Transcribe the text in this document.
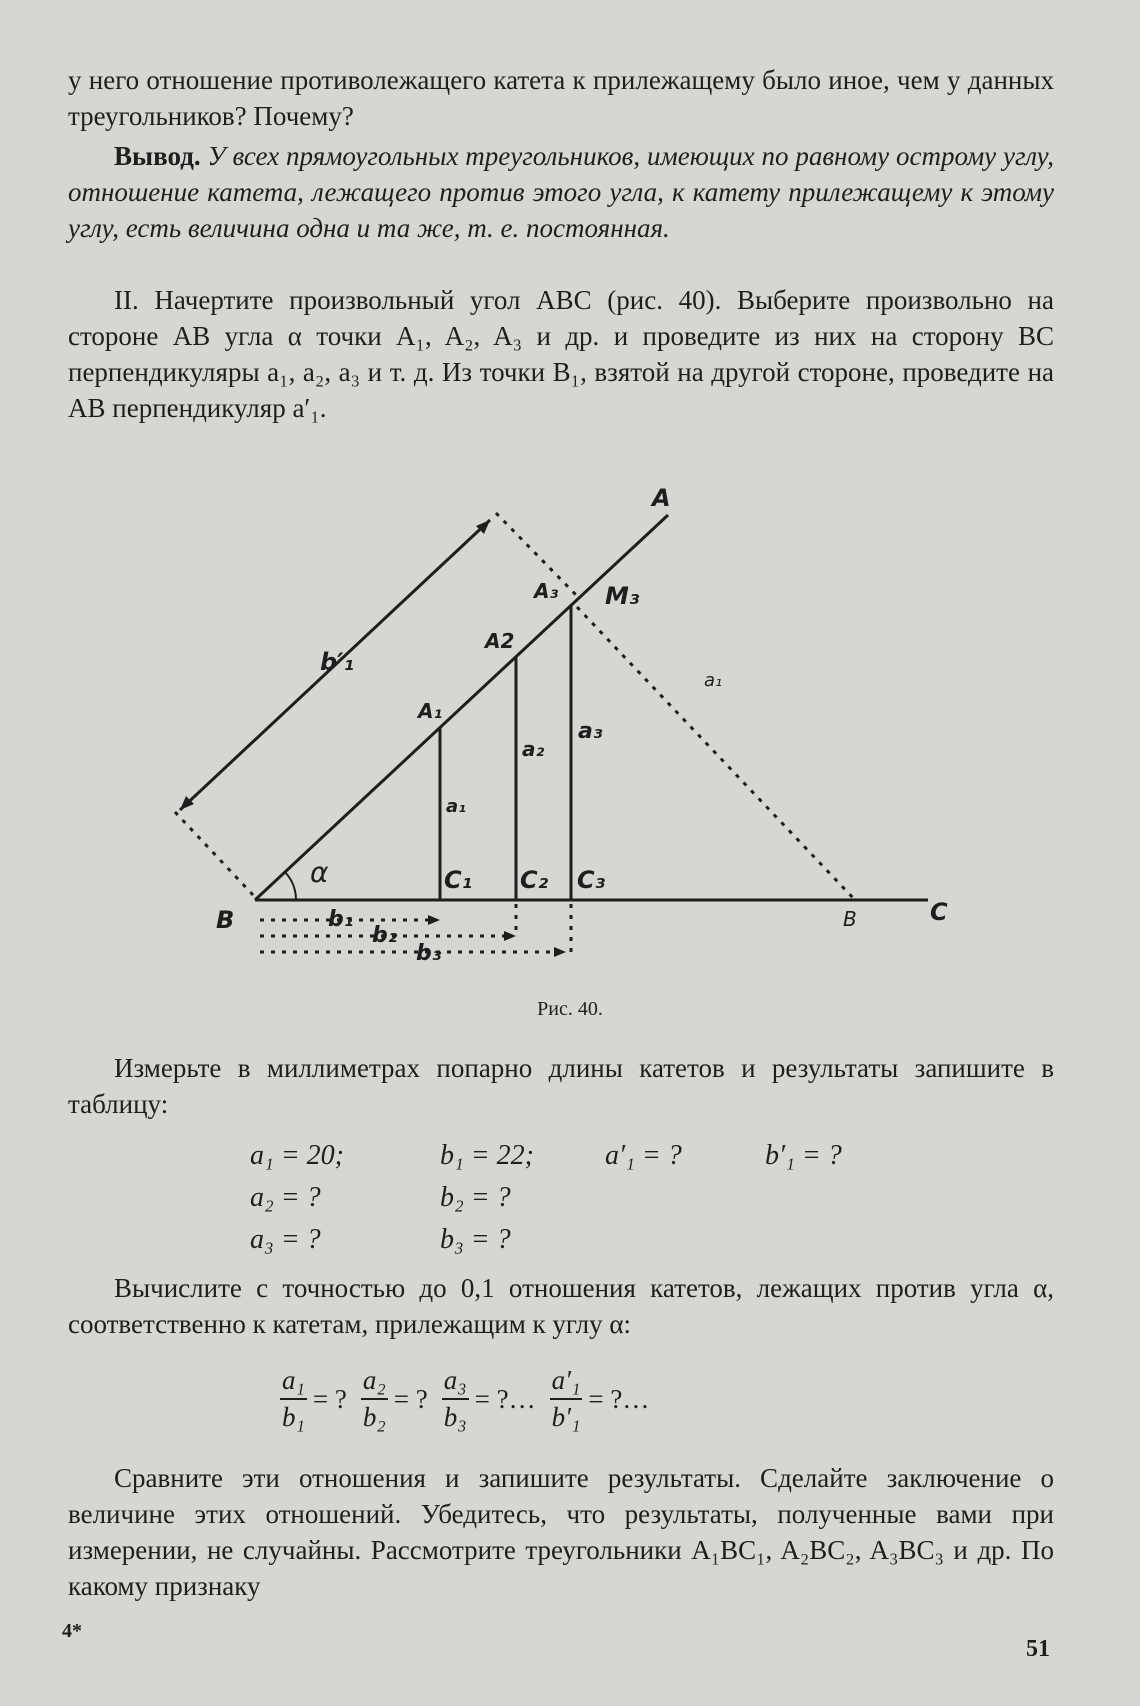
у него отношение противолежащего катета к прилежащему было иное, чем у данных треугольников? Почему?

Вывод. У всех прямоугольных треугольников, имеющих по равному острому углу, отношение катета, лежащего против этого угла, к катету прилежащему к этому углу, есть величина одна и та же, т. е. постоянная.

II. Начертите произвольный угол ABC (рис. 40). Выберите произвольно на стороне AB угла α точки A₁, A₂, A₃ и др. и проведите из них на сторону BC перпендикуляры a₁, a₂, a₃ и т. д. Из точки B₁, взятой на другой стороне, проведите на AB перпендикуляр a′₁.

A
B	C
B
A₁
A2
A₃ M₃
C₁ C₂ C₃
a₁
a₂
a₃
a₁
b′₁
α
b₁
b₂
b₃
Рис. 40.

Измерьте в миллиметрах попарно длины катетов и результаты запишите в таблицу:

a₁ = 20;	b₁ = 22;	a′₁ = ?	b′₁ = ?
a₂ = ?	b₂ = ?
a₃ = ?	b₃ = ?

Вычислите с точностью до 0,1 отношения катетов, лежащих против угла α, соответственно к катетам, прилежащим к углу α:

$\frac{\text{a₁}}{\text{b₁}}$ = ? $\frac{\text{a₂}}{\text{b₂}}$ = ? $\frac{\text{a₃}}{\text{b₃}}$ = ?… $\frac{\text{a′₁}}{\text{b′₁}}$ = ?…

Сравните эти отношения и запишите результаты. Сделайте заключение о величине этих отношений. Убедитесь, что результаты, полученные вами при измерении, не случайны. Рассмотрите треугольники A₁BC₁, A₂BC₂, A₃BC₃ и др. По какому признаку

4*
51
